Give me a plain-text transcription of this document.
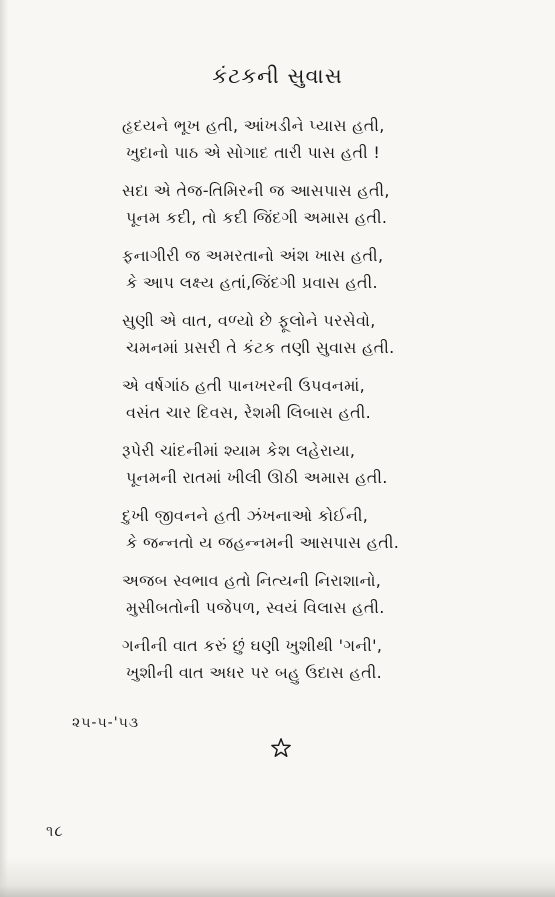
કંટકની સુવાસ
હૃદયને ભૂખ હતી, આંખડીને પ્યાસ હતી,
ખુદાનો પાઠ એ સોગાદ તારી પાસ હતી !
સદા એ તેજ-તિમિરની જ આસપાસ હતી,
પૂનમ કદી, તો કદી જિંદગી અમાસ હતી.
ફનાગીરી જ અમરતાનો અંશ ખાસ હતી,
કે આપ લક્ષ્ય હતાં,જિંદગી પ્રવાસ હતી.
સુણી એ વાત, વળ્યો છે ફૂલોને પરસેવો,
ચમનમાં પ્રસરી તે કંટક તણી સુવાસ હતી.
એ વર્ષગાંઠ હતી પાનખરની ઉપવનમાં,
વસંત ચાર દિવસ, રેશમી લિબાસ હતી.
રૂપેરી ચાંદનીમાં શ્યામ કેશ લહેરાયા,
પૂનમની રાતમાં ખીલી ઊઠી અમાસ હતી.
દુખી જીવનને હતી ઝંખનાઓ કોઈની,
કે જન્નતો ય જહન્નમની આસપાસ હતી.
અજબ સ્વભાવ હતો નિત્યની નિરાશાનો,
મુસીબતોની પજેપળ, સ્વયં વિલાસ હતી.
ગનીની વાત કરું છું ઘણી ખુશીથી 'ગની',
ખુશીની વાત અધર પર બહુ ઉદાસ હતી.
૨૫-૫-'૫૩
૧૮
